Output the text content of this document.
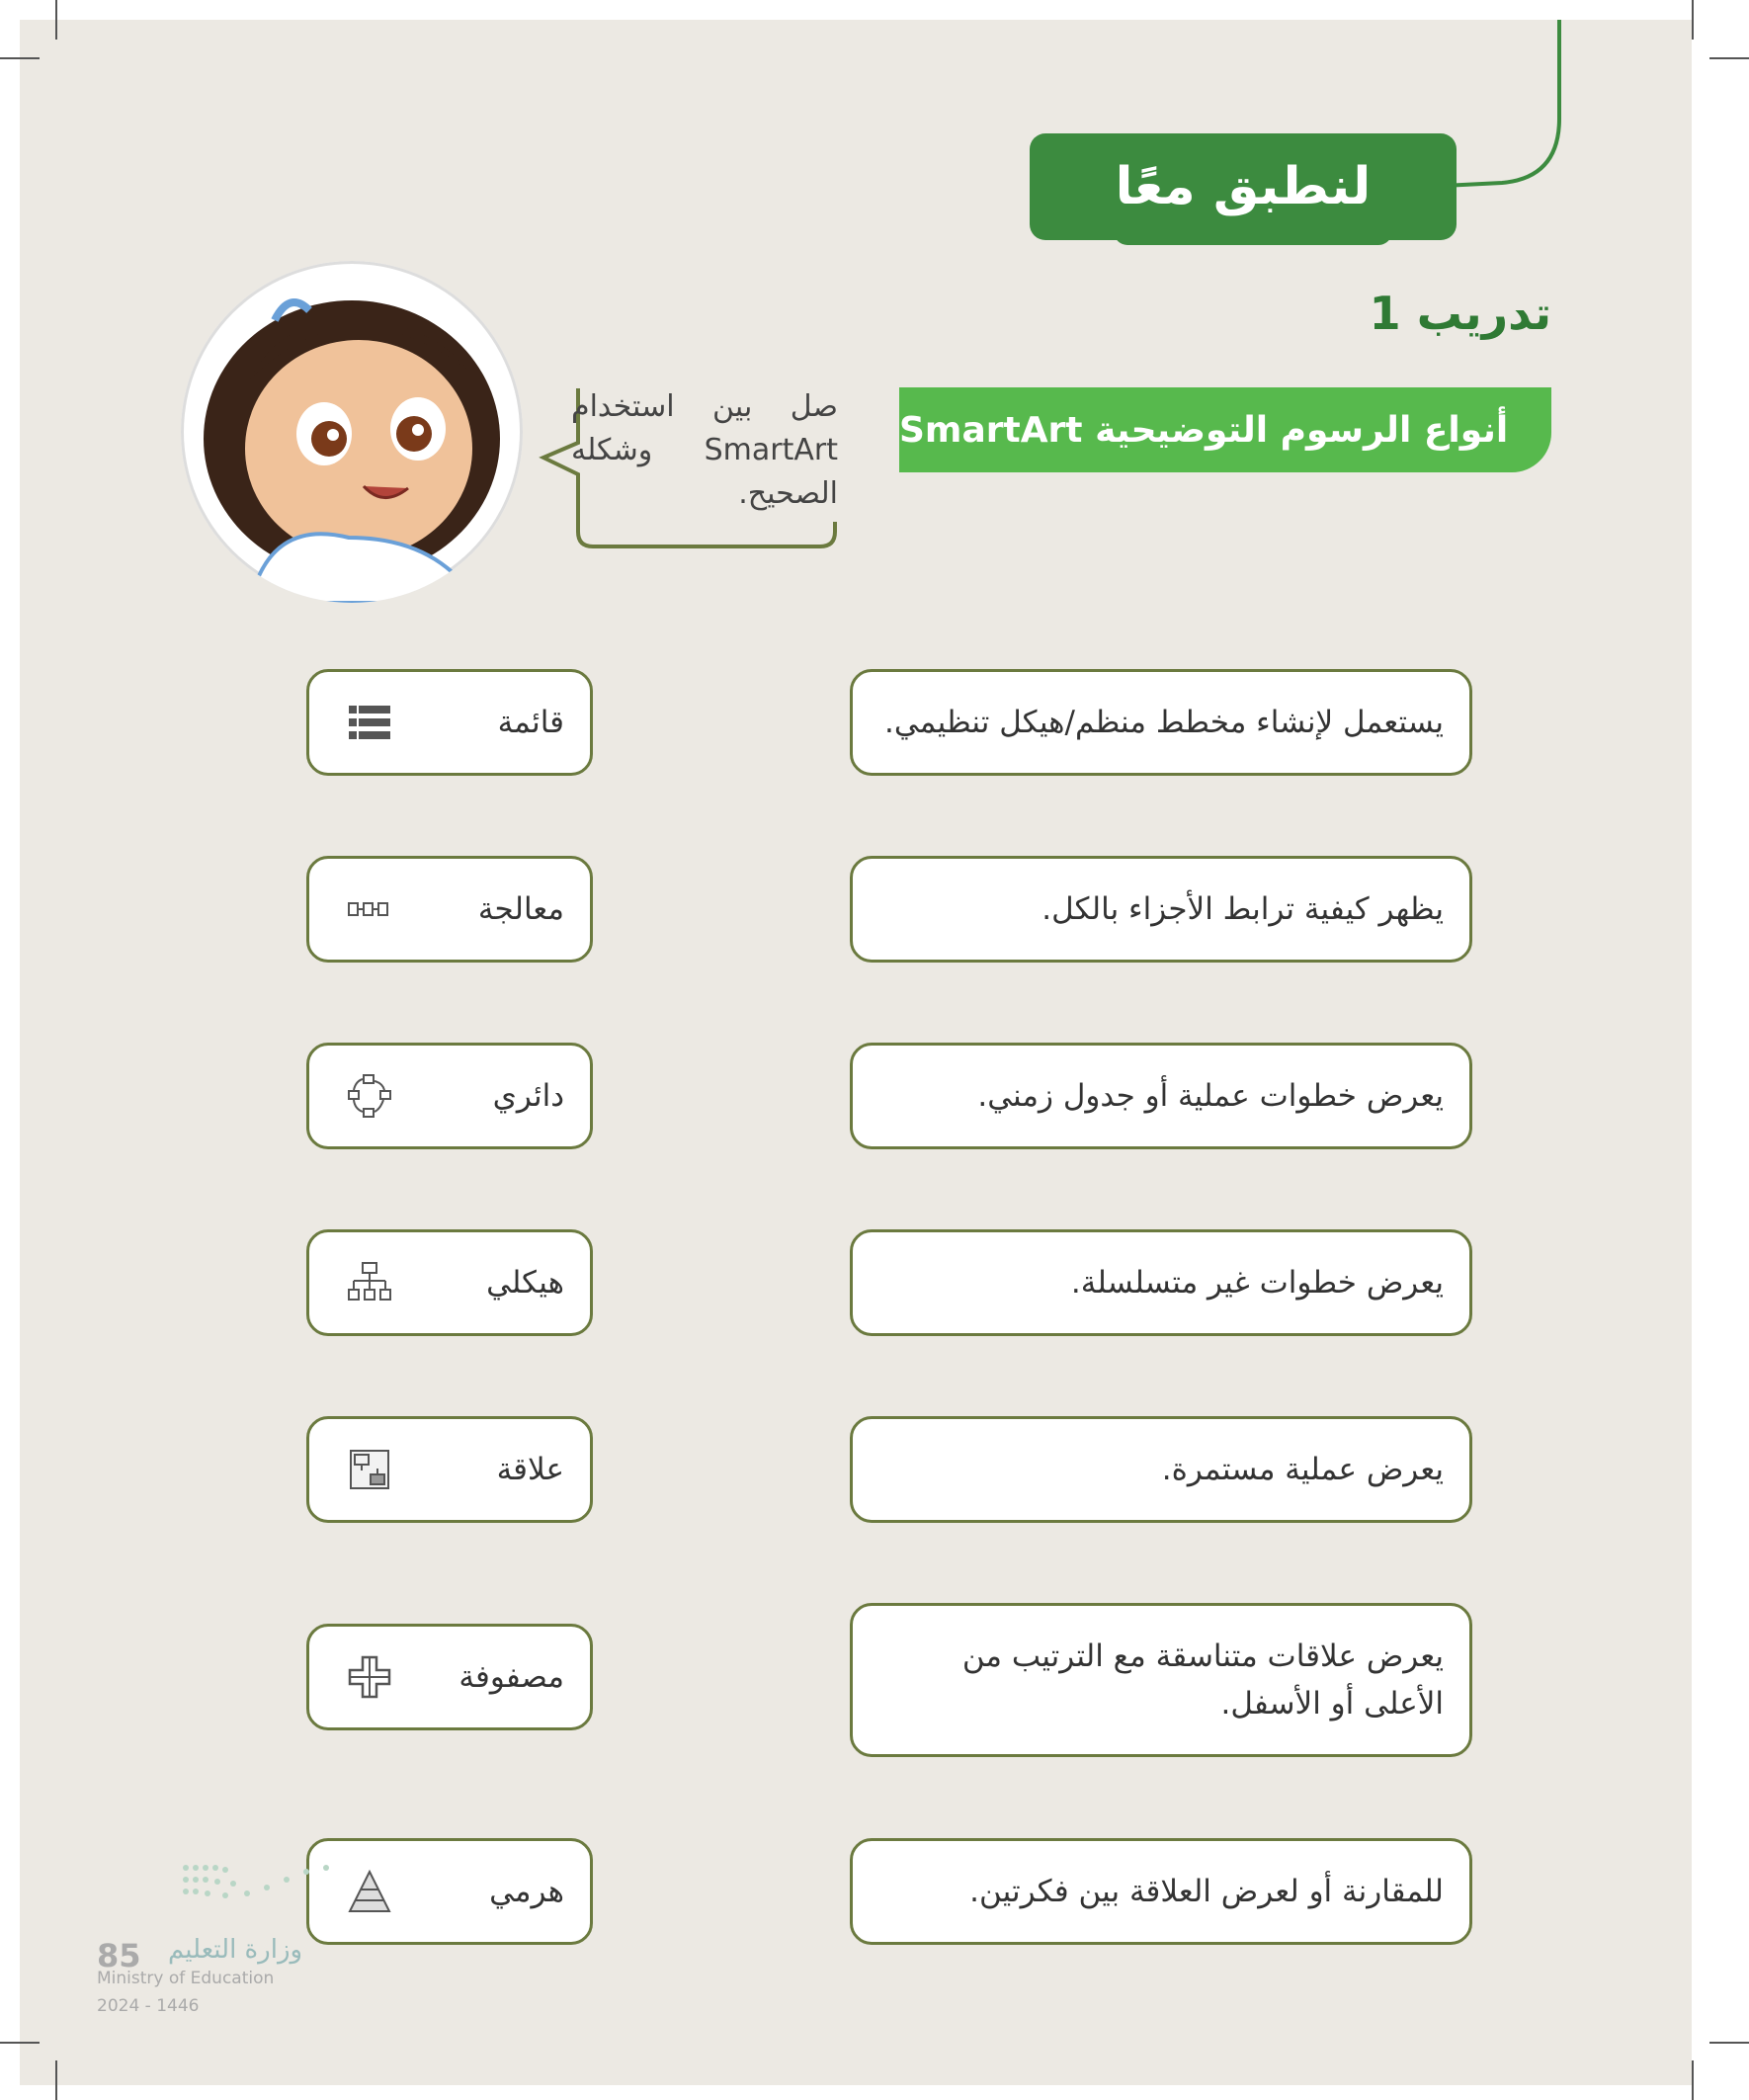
لنطبق معًا
تدريب 1
أنواع الرسوم التوضيحية SmartArt
صل بين استخدام SmartArt وشكله الصحيح.
يستعمل لإنشاء مخطط منظم/هيكل تنظيمي.
يظهر كيفية ترابط الأجزاء بالكل.
يعرض خطوات عملية أو جدول زمني.
يعرض خطوات غير متسلسلة.
يعرض عملية مستمرة.
يعرض علاقات متناسقة مع الترتيب من الأعلى أو الأسفل.
للمقارنة أو لعرض العلاقة بين فكرتين.
قائمة
معالجة
دائري
هيكلي
علاقة
مصفوفة
هرمي
وزارة التعليم
85
Ministry of Education
2024 - 1446
